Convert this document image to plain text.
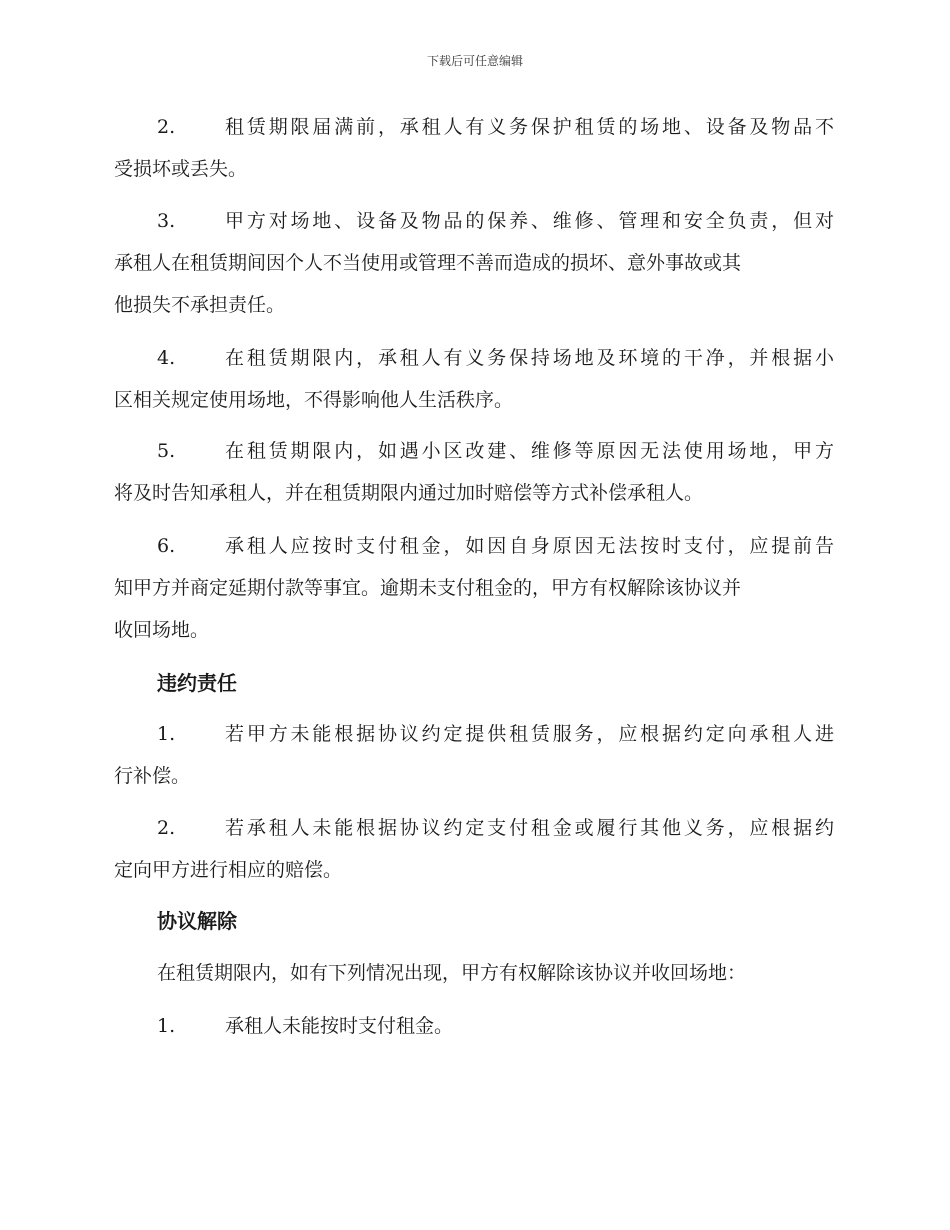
下载后可任意编辑
2.	租赁期限届满前，承租人有义务保护租赁的场地、设备及物品不
受损坏或丢失。
3.	甲方对场地、设备及物品的保养、维修、管理和安全负责，但对
承租人在租赁期间因个人不当使用或管理不善而造成的损坏、意外事故或其
他损失不承担责任。
4.	在租赁期限内，承租人有义务保持场地及环境的干净，并根据小
区相关规定使用场地，不得影响他人生活秩序。
5.	在租赁期限内，如遇小区改建、维修等原因无法使用场地，甲方
将及时告知承租人，并在租赁期限内通过加时赔偿等方式补偿承租人。
6.	承租人应按时支付租金，如因自身原因无法按时支付，应提前告
知甲方并商定延期付款等事宜。逾期未支付租金的，甲方有权解除该协议并
收回场地。
违约责任
1.	若甲方未能根据协议约定提供租赁服务，应根据约定向承租人进
行补偿。
2.	若承租人未能根据协议约定支付租金或履行其他义务，应根据约
定向甲方进行相应的赔偿。
协议解除
在租赁期限内，如有下列情况出现，甲方有权解除该协议并收回场地：
1.	承租人未能按时支付租金。
